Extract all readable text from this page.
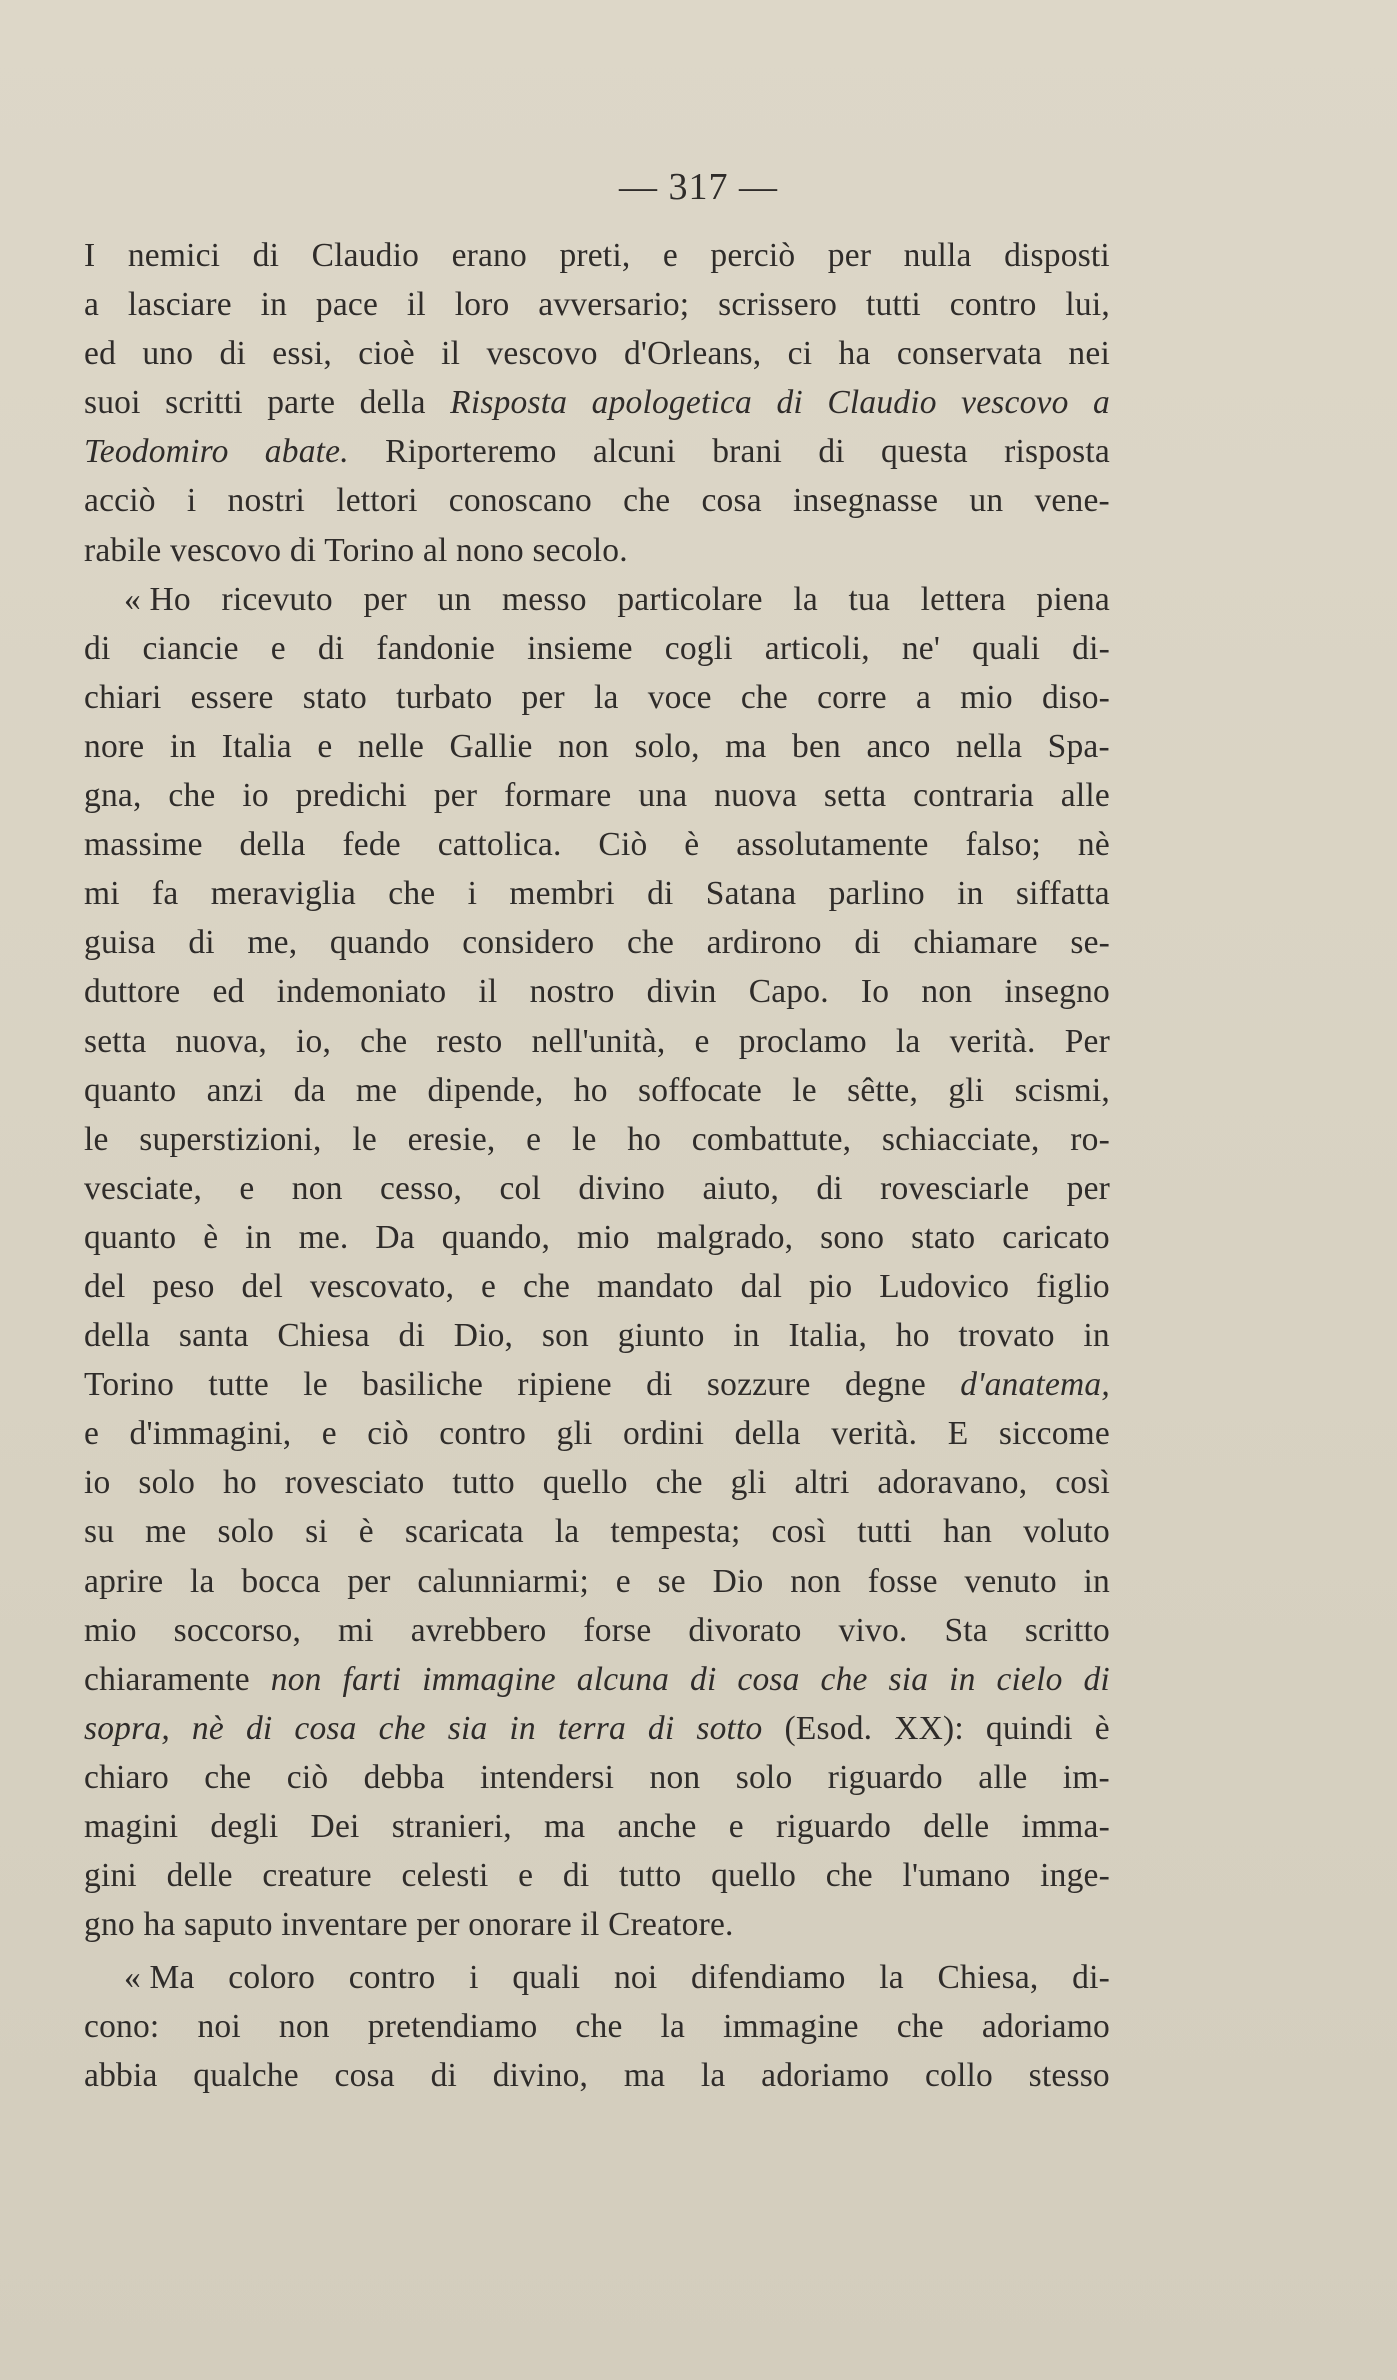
— 317 —
I nemici di Claudio erano preti, e perciò per nulla disposti
a lasciare in pace il loro avversario; scrissero tutti contro lui,
ed uno di essi, cioè il vescovo d'Orleans, ci ha conservata nei
suoi scritti parte della Risposta apologetica di Claudio vescovo a
Teodomiro abate. Riporteremo alcuni brani di questa risposta
acciò i nostri lettori conoscano che cosa insegnasse un vene-
rabile vescovo di Torino al nono secolo.
« Ho ricevuto per un messo particolare la tua lettera piena
di ciancie e di fandonie insieme cogli articoli, ne' quali di-
chiari essere stato turbato per la voce che corre a mio diso-
nore in Italia e nelle Gallie non solo, ma ben anco nella Spa-
gna, che io predichi per formare una nuova setta contraria alle
massime della fede cattolica. Ciò è assolutamente falso; nè
mi fa meraviglia che i membri di Satana parlino in siffatta
guisa di me, quando considero che ardirono di chiamare se-
duttore ed indemoniato il nostro divin Capo. Io non insegno
setta nuova, io, che resto nell'unità, e proclamo la verità. Per
quanto anzi da me dipende, ho soffocate le sêtte, gli scismi,
le superstizioni, le eresie, e le ho combattute, schiacciate, ro-
vesciate, e non cesso, col divino aiuto, di rovesciarle per
quanto è in me. Da quando, mio malgrado, sono stato caricato
del peso del vescovato, e che mandato dal pio Ludovico figlio
della santa Chiesa di Dio, son giunto in Italia, ho trovato in
Torino tutte le basiliche ripiene di sozzure degne d'anatema,
e d'immagini, e ciò contro gli ordini della verità. E siccome
io solo ho rovesciato tutto quello che gli altri adoravano, così
su me solo si è scaricata la tempesta; così tutti han voluto
aprire la bocca per calunniarmi; e se Dio non fosse venuto in
mio soccorso, mi avrebbero forse divorato vivo. Sta scritto
chiaramente non farti immagine alcuna di cosa che sia in cielo di
sopra, nè di cosa che sia in terra di sotto (Esod. XX): quindi è
chiaro che ciò debba intendersi non solo riguardo alle im-
magini degli Dei stranieri, ma anche e riguardo delle imma-
gini delle creature celesti e di tutto quello che l'umano inge-
gno ha saputo inventare per onorare il Creatore.
« Ma coloro contro i quali noi difendiamo la Chiesa, di-
cono: noi non pretendiamo che la immagine che adoriamo
abbia qualche cosa di divino, ma la adoriamo collo stesso
